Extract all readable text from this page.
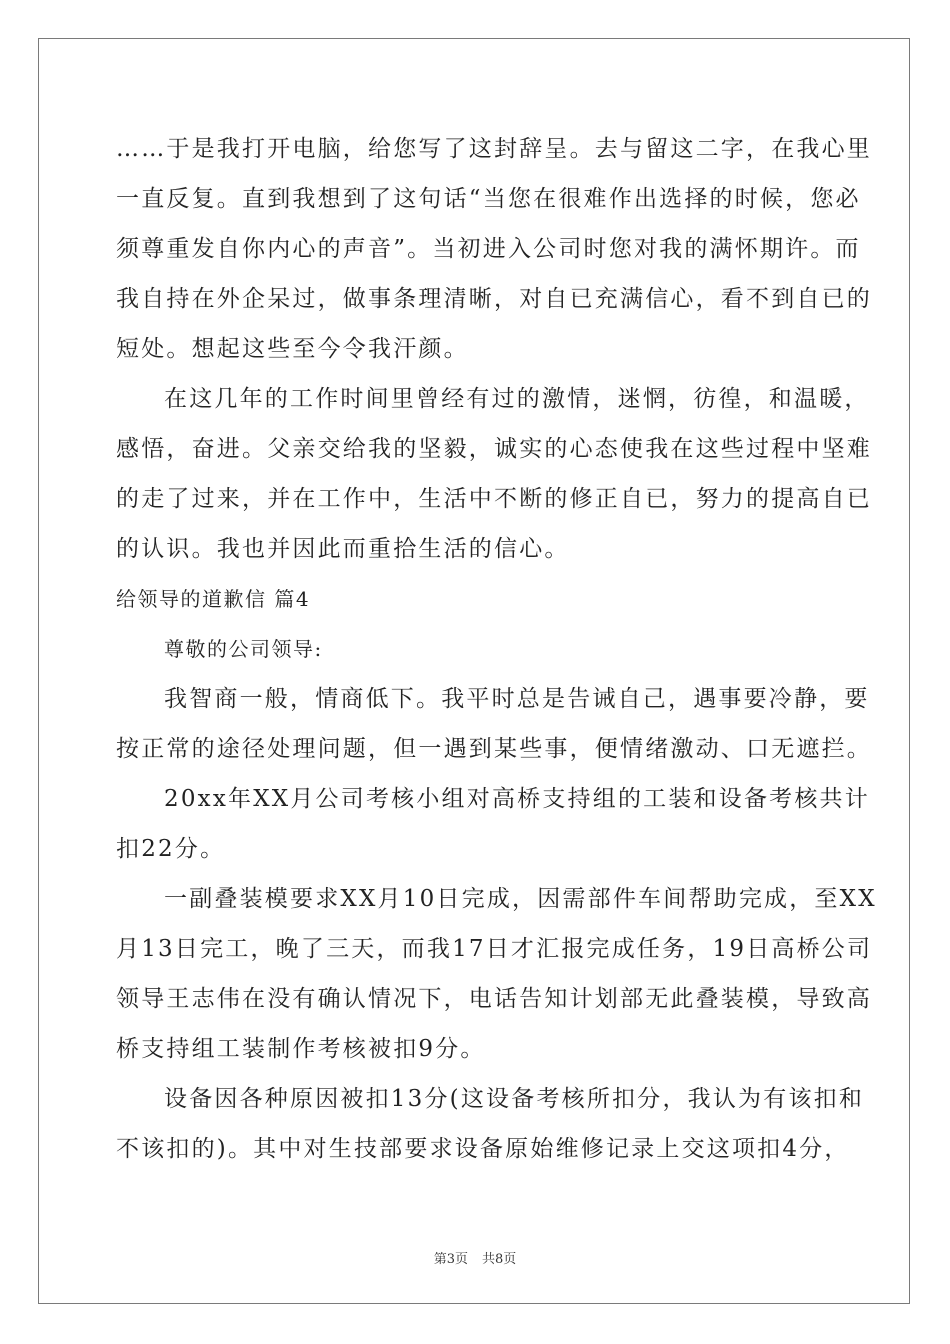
……于是我打开电脑，给您写了这封辞呈。去与留这二字，在我心里
一直反复。直到我想到了这句话“当您在很难作出选择的时候，您必
须尊重发自你内心的声音”。当初进入公司时您对我的满怀期许。而
我自持在外企呆过，做事条理清晰，对自已充满信心，看不到自已的
短处。想起这些至今令我汗颜。
在这几年的工作时间里曾经有过的激情，迷惘，彷徨，和温暖，
感悟，奋进。父亲交给我的坚毅，诚实的心态使我在这些过程中坚难
的走了过来，并在工作中，生活中不断的修正自已，努力的提高自已
的认识。我也并因此而重拾生活的信心。
给领导的道歉信 篇4
尊敬的公司领导:
我智商一般，情商低下。我平时总是告诫自己，遇事要冷静，要
按正常的途径处理问题，但一遇到某些事，便情绪激动、口无遮拦。
20xx年XX月公司考核小组对高桥支持组的工装和设备考核共计
扣22分。
一副叠装模要求XX月10日完成，因需部件车间帮助完成，至XX
月13日完工，晚了三天，而我17日才汇报完成任务，19日高桥公司
领导王志伟在没有确认情况下，电话告知计划部无此叠装模，导致高
桥支持组工装制作考核被扣9分。
设备因各种原因被扣13分(这设备考核所扣分，我认为有该扣和
不该扣的)。其中对生技部要求设备原始维修记录上交这项扣4分，
第3页 共8页
